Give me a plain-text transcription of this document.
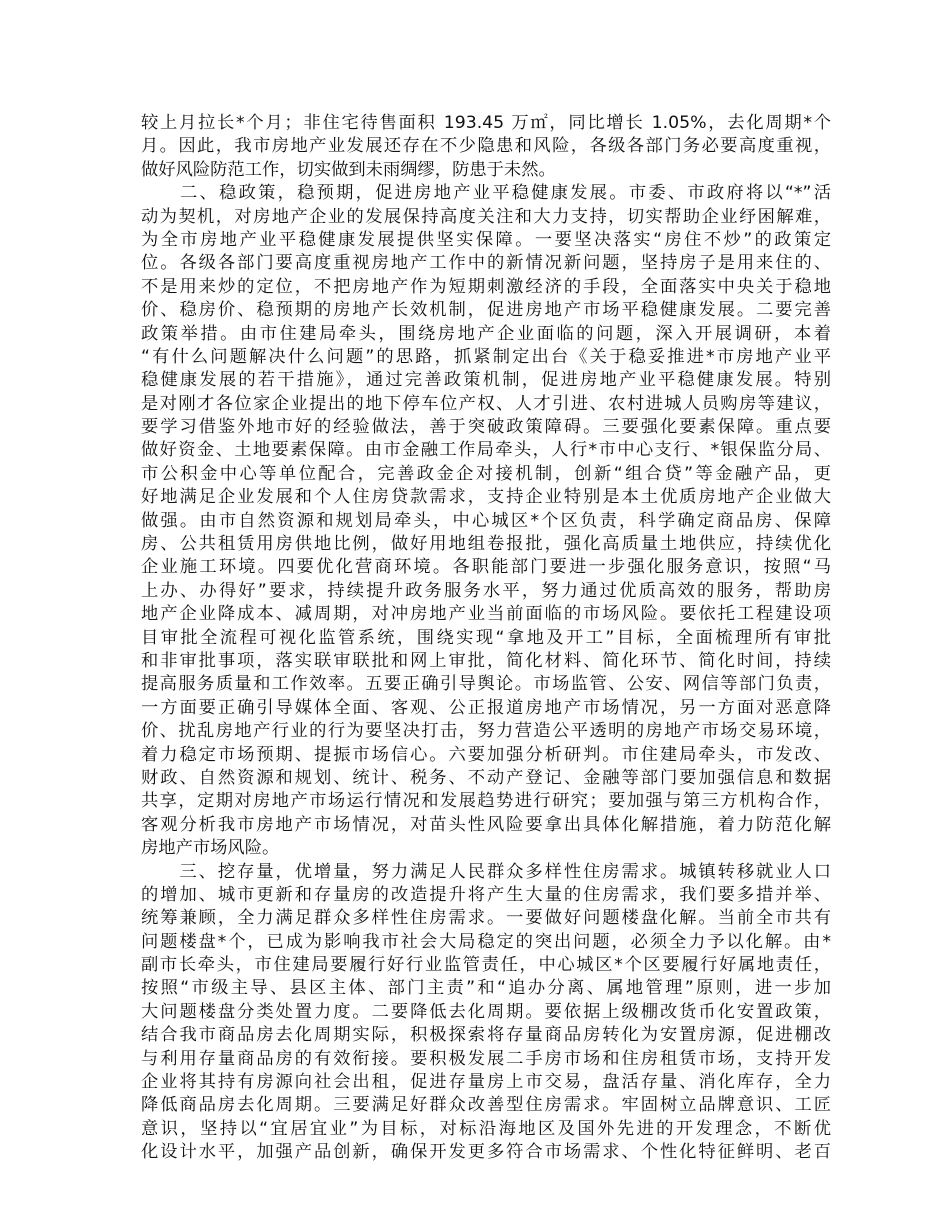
较上月拉长*个月；非住宅待售面积 193.45 万㎡，同比增长 1.05%，去化周期*个
月。因此，我市房地产业发展还存在不少隐患和风险，各级各部门务必要高度重视，
做好风险防范工作，切实做到未雨绸缪，防患于未然。
　　二、稳政策，稳预期，促进房地产业平稳健康发展。市委、市政府将以“*”活
动为契机，对房地产企业的发展保持高度关注和大力支持，切实帮助企业纾困解难，
为全市房地产业平稳健康发展提供坚实保障。一要坚决落实“房住不炒”的政策定
位。各级各部门要高度重视房地产工作中的新情况新问题，坚持房子是用来住的、
不是用来炒的定位，不把房地产作为短期刺激经济的手段，全面落实中央关于稳地
价、稳房价、稳预期的房地产长效机制，促进房地产市场平稳健康发展。二要完善
政策举措。由市住建局牵头，围绕房地产企业面临的问题，深入开展调研，本着
“有什么问题解决什么问题”的思路，抓紧制定出台《关于稳妥推进*市房地产业平
稳健康发展的若干措施》，通过完善政策机制，促进房地产业平稳健康发展。特别
是对刚才各位家企业提出的地下停车位产权、人才引进、农村进城人员购房等建议，
要学习借鉴外地市好的经验做法，善于突破政策障碍。三要强化要素保障。重点要
做好资金、土地要素保障。由市金融工作局牵头，人行*市中心支行、*银保监分局、
市公积金中心等单位配合，完善政金企对接机制，创新“组合贷”等金融产品，更
好地满足企业发展和个人住房贷款需求，支持企业特别是本土优质房地产企业做大
做强。由市自然资源和规划局牵头，中心城区*个区负责，科学确定商品房、保障
房、公共租赁用房供地比例，做好用地组卷报批，强化高质量土地供应，持续优化
企业施工环境。四要优化营商环境。各职能部门要进一步强化服务意识，按照“马
上办、办得好”要求，持续提升政务服务水平，努力通过优质高效的服务，帮助房
地产企业降成本、减周期，对冲房地产业当前面临的市场风险。要依托工程建设项
目审批全流程可视化监管系统，围绕实现“拿地及开工”目标，全面梳理所有审批
和非审批事项，落实联审联批和网上审批，简化材料、简化环节、简化时间，持续
提高服务质量和工作效率。五要正确引导舆论。市场监管、公安、网信等部门负责，
一方面要正确引导媒体全面、客观、公正报道房地产市场情况，另一方面对恶意降
价、扰乱房地产行业的行为要坚决打击，努力营造公平透明的房地产市场交易环境，
着力稳定市场预期、提振市场信心。六要加强分析研判。市住建局牵头，市发改、
财政、自然资源和规划、统计、税务、不动产登记、金融等部门要加强信息和数据
共享，定期对房地产市场运行情况和发展趋势进行研究；要加强与第三方机构合作，
客观分析我市房地产市场情况，对苗头性风险要拿出具体化解措施，着力防范化解
房地产市场风险。
　　三、挖存量，优增量，努力满足人民群众多样性住房需求。城镇转移就业人口
的增加、城市更新和存量房的改造提升将产生大量的住房需求，我们要多措并举、
统筹兼顾，全力满足群众多样性住房需求。一要做好问题楼盘化解。当前全市共有
问题楼盘*个，已成为影响我市社会大局稳定的突出问题，必须全力予以化解。由*
副市长牵头，市住建局要履行好行业监管责任，中心城区*个区要履行好属地责任，
按照“市级主导、县区主体、部门主责”和“追办分离、属地管理”原则，进一步加
大问题楼盘分类处置力度。二要降低去化周期。要依据上级棚改货币化安置政策，
结合我市商品房去化周期实际，积极探索将存量商品房转化为安置房源，促进棚改
与利用存量商品房的有效衔接。要积极发展二手房市场和住房租赁市场，支持开发
企业将其持有房源向社会出租，促进存量房上市交易，盘活存量、消化库存，全力
降低商品房去化周期。三要满足好群众改善型住房需求。牢固树立品牌意识、工匠
意识，坚持以“宜居宜业”为目标，对标沿海地区及国外先进的开发理念，不断优
化设计水平，加强产品创新，确保开发更多符合市场需求、个性化特征鲜明、老百
